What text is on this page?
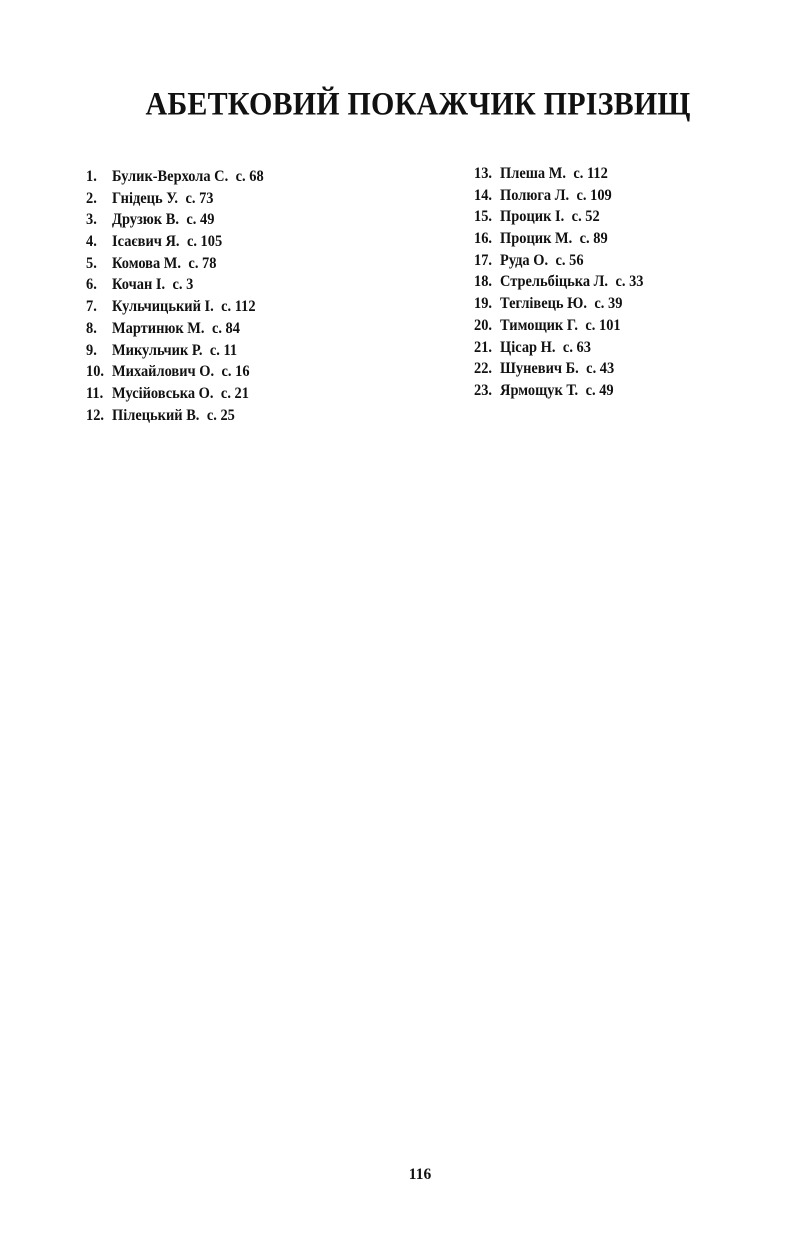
АБЕТКОВИЙ ПОКАЖЧИК ПРІЗВИЩ
1. Булик-Верхола С. с. 68
2. Гнідець У. с. 73
3. Друзюк В. с. 49
4. Ісаєвич Я. с. 105
5. Комова М. с. 78
6. Кочан І. с. 3
7. Кульчицький І. с. 112
8. Мартинюк М. с. 84
9. Микульчик Р. с. 11
10. Михайлович О. с. 16
11. Мусійовська О. с. 21
12. Пілецький В. с. 25
13. Плеша М. с. 112
14. Полюга Л. с. 109
15. Процик І. с. 52
16. Процик М. с. 89
17. Руда О. с. 56
18. Стрельбіцька Л. с. 33
19. Теглівець Ю. с. 39
20. Тимощик Г. с. 101
21. Цісар Н. с. 63
22. Шуневич Б. с. 43
23. Ярмощук Т. с. 49
116
